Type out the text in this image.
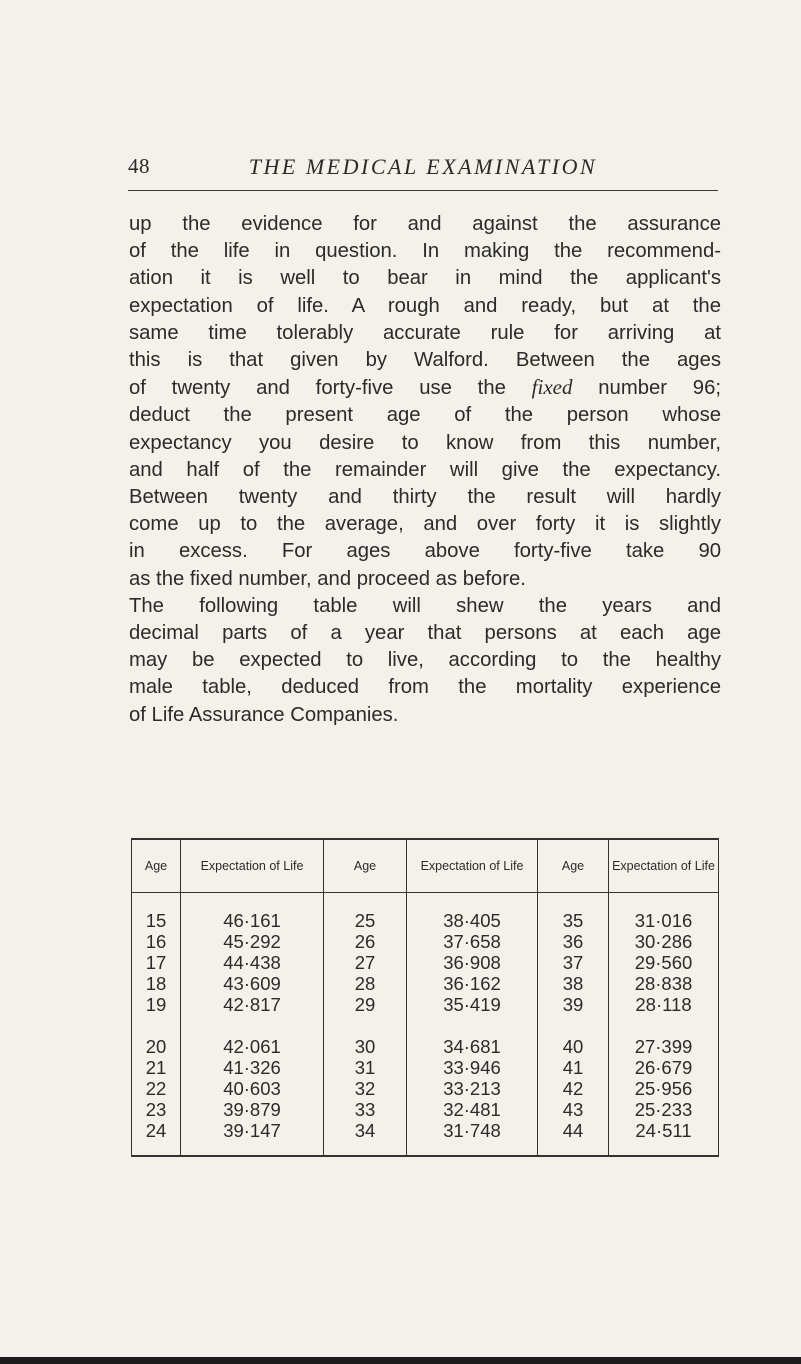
48	THE MEDICAL EXAMINATION
up the evidence for and against the assurance
of the life in question. In making the recommend-
ation it is well to bear in mind the applicant's
expectation of life. A rough and ready, but at the
same time tolerably accurate rule for arriving at
this is that given by Walford. Between the ages
of twenty and forty-five use the fixed number 96;
deduct the present age of the person whose
expectancy you desire to know from this number,
and half of the remainder will give the expectancy.
Between twenty and thirty the result will hardly
come up to the average, and over forty it is slightly
in excess. For ages above forty-five take 90
as the fixed number, and proceed as before.
The following table will shew the years and
decimal parts of a year that persons at each age
may be expected to live, according to the healthy
male table, deduced from the mortality experience
of Life Assurance Companies.
Age	Expectation of Life	Age	Expectation of Life	Age	Expectation of Life
15	46·161	25	38·405	35	31·016
16	45·292	26	37·658	36	30·286
17	44·438	27	36·908	37	29·560
18	43·609	28	36·162	38	28·838
19	42·817	29	35·419	39	28·118
20	42·061	30	34·681	40	27·399
21	41·326	31	33·946	41	26·679
22	40·603	32	33·213	42	25·956
23	39·879	33	32·481	43	25·233
24	39·147	34	31·748	44	24·511
